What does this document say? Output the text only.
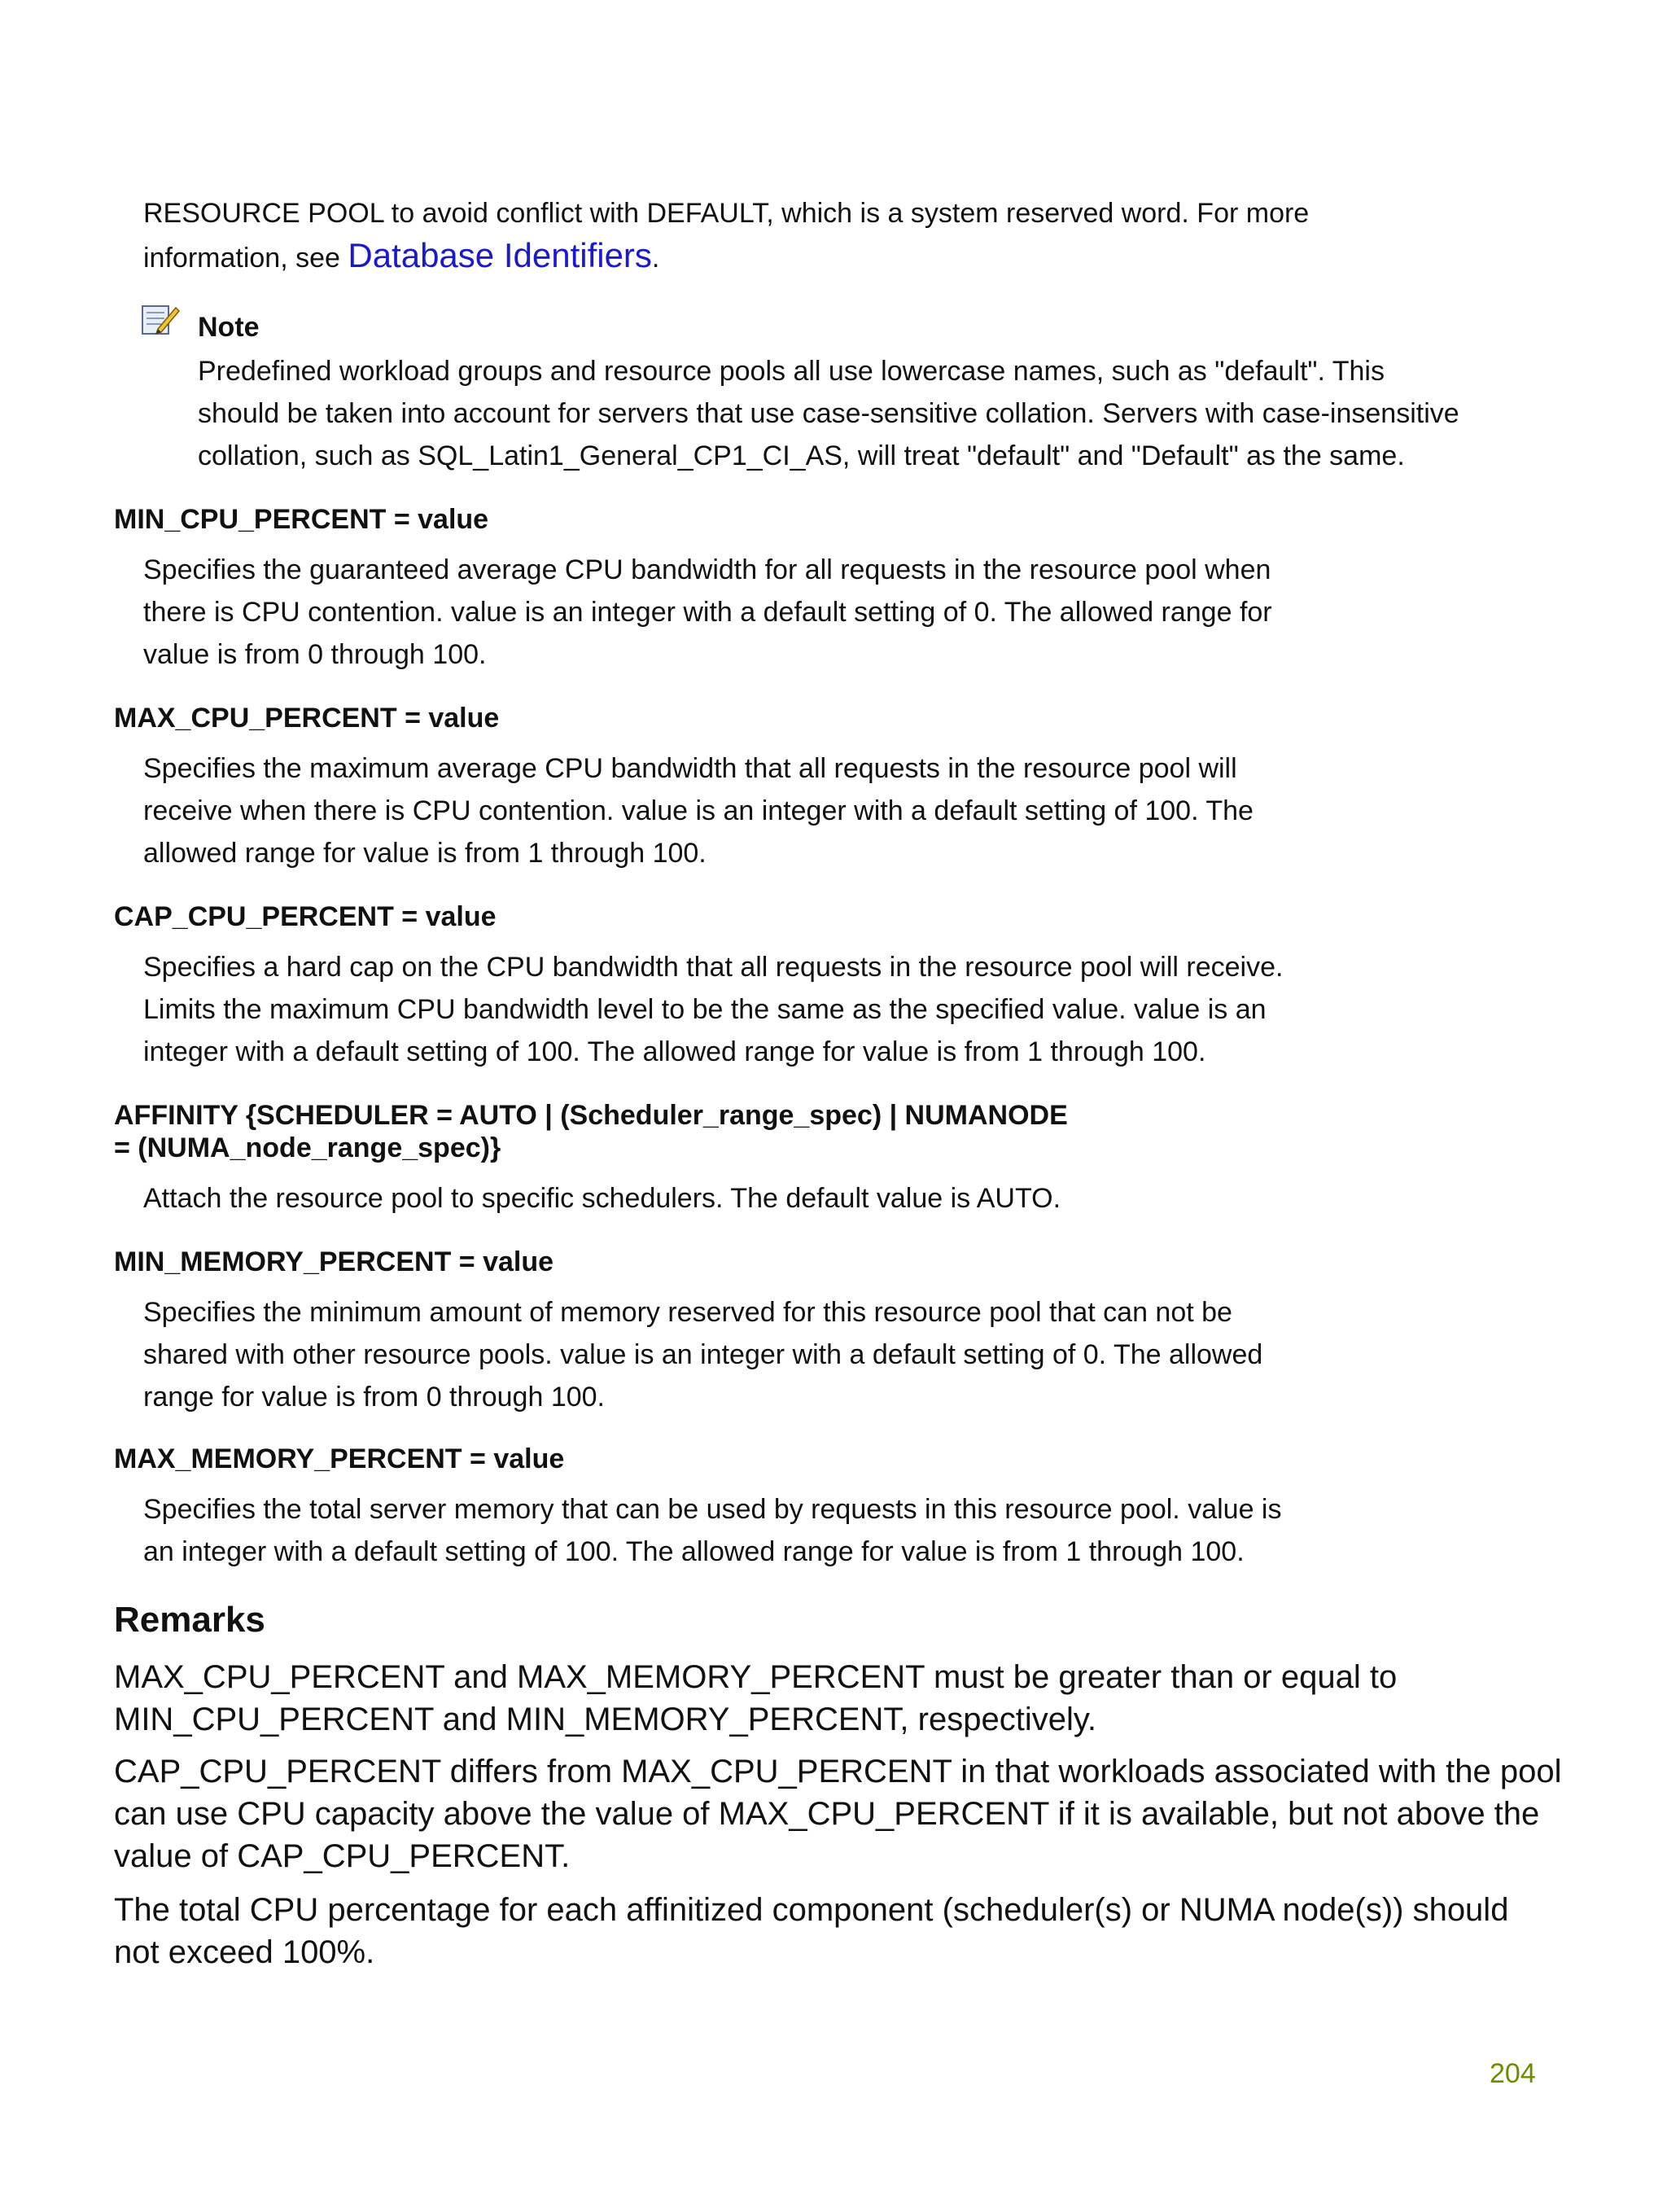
RESOURCE POOL to avoid conflict with DEFAULT, which is a system reserved word. For more information, see Database Identifiers.
Note
Predefined workload groups and resource pools all use lowercase names, such as "default". This should be taken into account for servers that use case-sensitive collation. Servers with case-insensitive collation, such as SQL_Latin1_General_CP1_CI_AS, will treat "default" and "Default" as the same.
MIN_CPU_PERCENT = value
Specifies the guaranteed average CPU bandwidth for all requests in the resource pool when there is CPU contention. value is an integer with a default setting of 0. The allowed range for value is from 0 through 100.
MAX_CPU_PERCENT = value
Specifies the maximum average CPU bandwidth that all requests in the resource pool will receive when there is CPU contention. value is an integer with a default setting of 100. The allowed range for value is from 1 through 100.
CAP_CPU_PERCENT = value
Specifies a hard cap on the CPU bandwidth that all requests in the resource pool will receive. Limits the maximum CPU bandwidth level to be the same as the specified value. value is an integer with a default setting of 100. The allowed range for value is from 1 through 100.
AFFINITY {SCHEDULER = AUTO | (Scheduler_range_spec) | NUMANODE = (NUMA_node_range_spec)}
Attach the resource pool to specific schedulers. The default value is AUTO.
MIN_MEMORY_PERCENT = value
Specifies the minimum amount of memory reserved for this resource pool that can not be shared with other resource pools. value is an integer with a default setting of 0. The allowed range for value is from 0 through 100.
MAX_MEMORY_PERCENT = value
Specifies the total server memory that can be used by requests in this resource pool. value is an integer with a default setting of 100. The allowed range for value is from 1 through 100.
Remarks
MAX_CPU_PERCENT and MAX_MEMORY_PERCENT must be greater than or equal to MIN_CPU_PERCENT and MIN_MEMORY_PERCENT, respectively.
CAP_CPU_PERCENT differs from MAX_CPU_PERCENT in that workloads associated with the pool can use CPU capacity above the value of MAX_CPU_PERCENT if it is available, but not above the value of CAP_CPU_PERCENT.
The total CPU percentage for each affinitized component (scheduler(s) or NUMA node(s)) should not exceed 100%.
204
